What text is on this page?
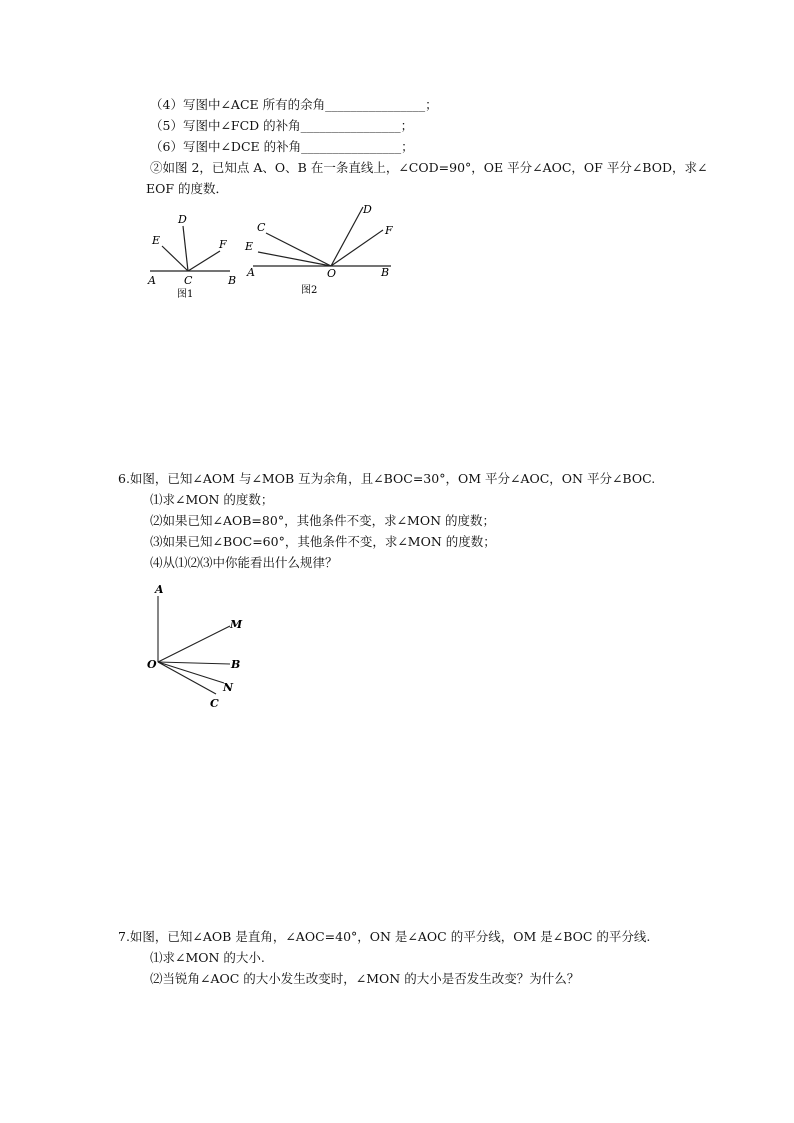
（4）写图中∠ACE 所有的余角________________；
（5）写图中∠FCD 的补角________________；
（6）写图中∠DCE 的补角________________；
②如图 2，已知点 A、O、B 在一条直线上，∠COD=90°，OE 平分∠AOC，OF 平分∠BOD，求∠
EOF 的度数．
D
E	F
A	C	B
图1
C
D
E
F
A	O	B
图2
6.如图，已知∠AOM 与∠MOB 互为余角，且∠BOC=30°，OM 平分∠AOC，ON 平分∠BOC.
⑴求∠MON 的度数；
⑵如果已知∠AOB=80°，其他条件不变，求∠MON 的度数；
⑶如果已知∠BOC=60°，其他条件不变，求∠MON 的度数；
⑷从⑴⑵⑶中你能看出什么规律？
A
M
O	B
N
C
7.如图，已知∠AOB 是直角，∠AOC=40°，ON 是∠AOC 的平分线，OM 是∠BOC 的平分线.
⑴求∠MON 的大小.
⑵当锐角∠AOC 的大小发生改变时，∠MON 的大小是否发生改变？为什么？
